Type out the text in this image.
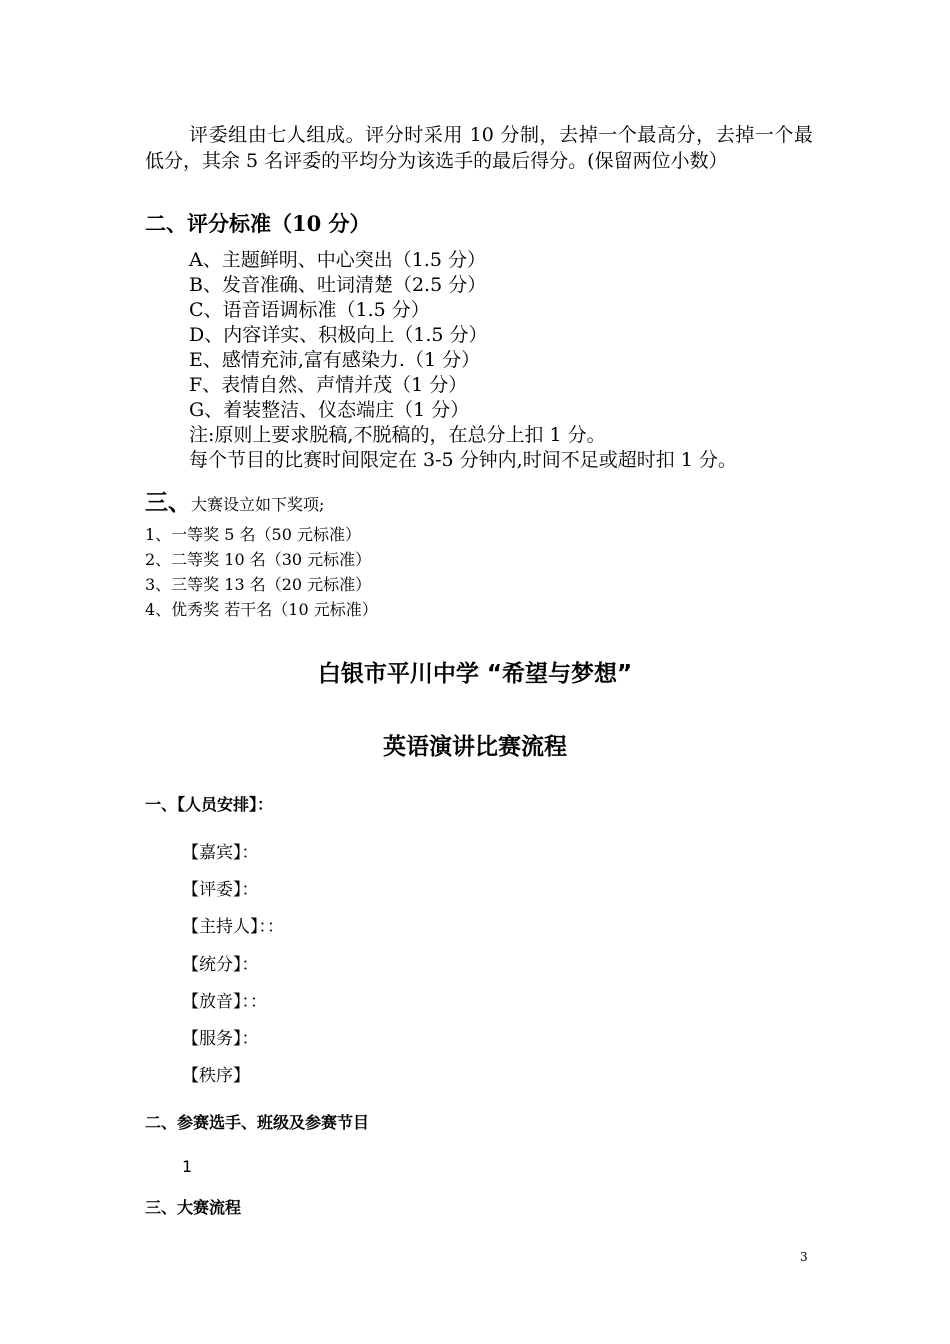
评委组由七人组成。评分时采用 10 分制，去掉一个最高分，去掉一个最低分，其余 5 名评委的平均分为该选手的最后得分。(保留两位小数）
二、评分标准（10 分）
A、主题鲜明、中心突出（1.5 分）
B、发音准确、吐词清楚（2.5 分）
C、语音语调标准（1.5 分）
D、内容详实、积极向上（1.5 分）
E、感情充沛,富有感染力.（1 分）
F、表情自然、声情并茂（1 分）
G、着装整洁、仪态端庄（1 分）
注:原则上要求脱稿,不脱稿的，在总分上扣 1 分。
每个节目的比赛时间限定在 3-5 分钟内,时间不足或超时扣 1 分。
三、大赛设立如下奖项;
1、一等奖 5 名（50 元标准）
2、二等奖 10 名（30 元标准）
3、三等奖 13 名（20 元标准）
4、优秀奖 若干名（10 元标准）
白银市平川中学 “希望与梦想”
英语演讲比赛流程
一、【人员安排】：
【嘉宾】：
【评委】：
【主持人】：：
【统分】：
【放音】：：
【服务】：
【秩序】
二、参赛选手、班级及参赛节目
1
三、大赛流程
3
